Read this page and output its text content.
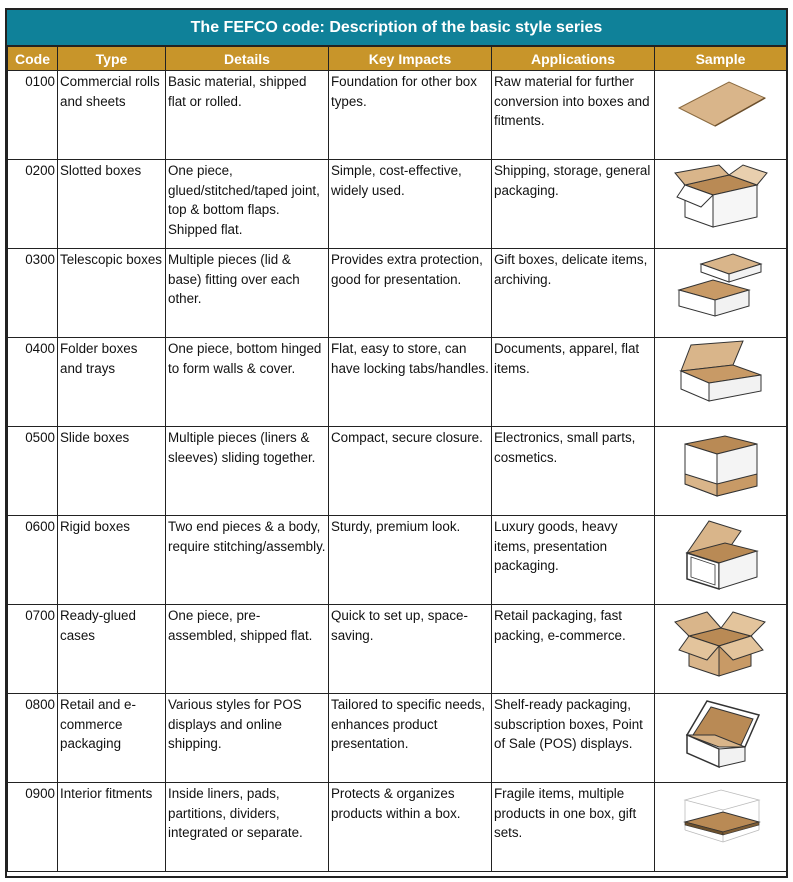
The FEFCO code: Description of the basic style series
Code	Type	Details	Key Impacts	Applications	Sample
0100	Commercial rolls and sheets	Basic material, shipped flat or rolled.	Foundation for other box types.	Raw material for further conversion into boxes and fitments.	

0200	Slotted boxes	One piece, glued/stitched/taped joint, top & bottom flaps. Shipped flat.	Simple, cost-effective, widely used.	Shipping, storage, general packaging.	

0300	Telescopic boxes	Multiple pieces (lid & base) fitting over each other.	Provides extra protection, good for presentation.	Gift boxes, delicate items, archiving.	

0400	Folder boxes and trays	One piece, bottom hinged to form walls & cover.	Flat, easy to store, can have locking tabs/handles.	Documents, apparel, flat items.	

0500	Slide boxes	Multiple pieces (liners & sleeves) sliding together.	Compact, secure closure.	Electronics, small parts, cosmetics.	

0600	Rigid boxes	Two end pieces & a body, require stitching/assembly.	Sturdy, premium look.	Luxury goods, heavy items, presentation packaging.	

0700	Ready-glued cases	One piece, pre-assembled, shipped flat.	Quick to set up, space-saving.	Retail packaging, fast packing, e-commerce.	

0800	Retail and e-commerce packaging	Various styles for POS displays and online shipping.	Tailored to specific needs, enhances product presentation.	Shelf-ready packaging, subscription boxes, Point of Sale (POS) displays.	

0900	Interior fitments	Inside liners, pads, partitions, dividers, integrated or separate.	Protects & organizes products within a box.	Fragile items, multiple products in one box, gift sets.	
